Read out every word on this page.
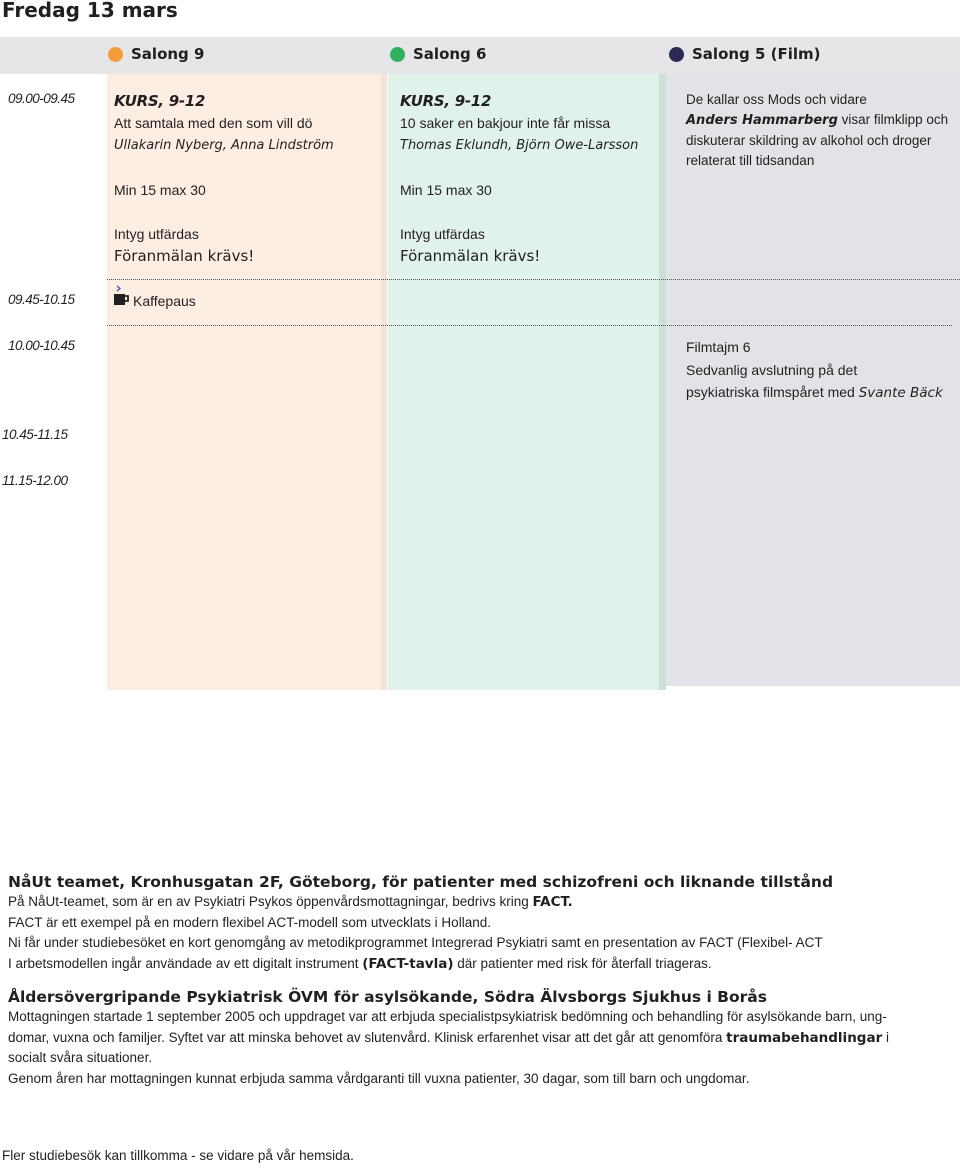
Fredag 13 mars
Salong 9	Salong 6	Salong 5 (Film)
09.00-09.45
09.45-10.15
10.00-10.45
10.45-11.15
11.15-12.00
KURS, 9-12
Att samtala med den som vill dö
Ullakarin Nyberg, Anna Lindström
Min 15 max 30
Intyg utfärdas
Föranmälan krävs!
KURS, 9-12
10 saker en bakjour inte får missa
Thomas Eklundh, Björn Owe-Larsson
Min 15 max 30
Intyg utfärdas
Föranmälan krävs!
De kallar oss Mods och vidare
Anders Hammarberg visar filmklipp och
diskuterar skildring av alkohol och droger
relaterat till tidsandan
Kaffepaus
Filmtajm 6
Sedvanlig avslutning på det
psykiatriska filmspåret med Svante Bäck
NåUt teamet, Kronhusgatan 2F, Göteborg, för patienter med schizofreni och liknande tillstånd
På NåUt-teamet, som är en av Psykiatri Psykos öppenvårdsmottagningar, bedrivs kring FACT.
FACT är ett exempel på en modern flexibel ACT-modell som utvecklats i Holland.
Ni får under studiebesöket en kort genomgång av metodikprogrammet Integrerad Psykiatri samt en presentation av FACT (Flexibel- ACT
I arbetsmodellen ingår användade av ett digitalt instrument (FACT-tavla) där patienter med risk för återfall triageras.
Åldersövergripande Psykiatrisk ÖVM för asylsökande, Södra Älvsborgs Sjukhus i Borås
Mottagningen startade 1 september 2005 och uppdraget var att erbjuda specialistpsykiatrisk bedömning och behandling för asylsökande barn, ung-
domar, vuxna och familjer. Syftet var att minska behovet av slutenvård. Klinisk erfarenhet visar att det går att genomföra traumabehandlingar i
socialt svåra situationer.
Genom åren har mottagningen kunnat erbjuda samma vårdgaranti till vuxna patienter, 30 dagar, som till barn och ungdomar.
Fler studiebesök kan tillkomma - se vidare på vår hemsida.
